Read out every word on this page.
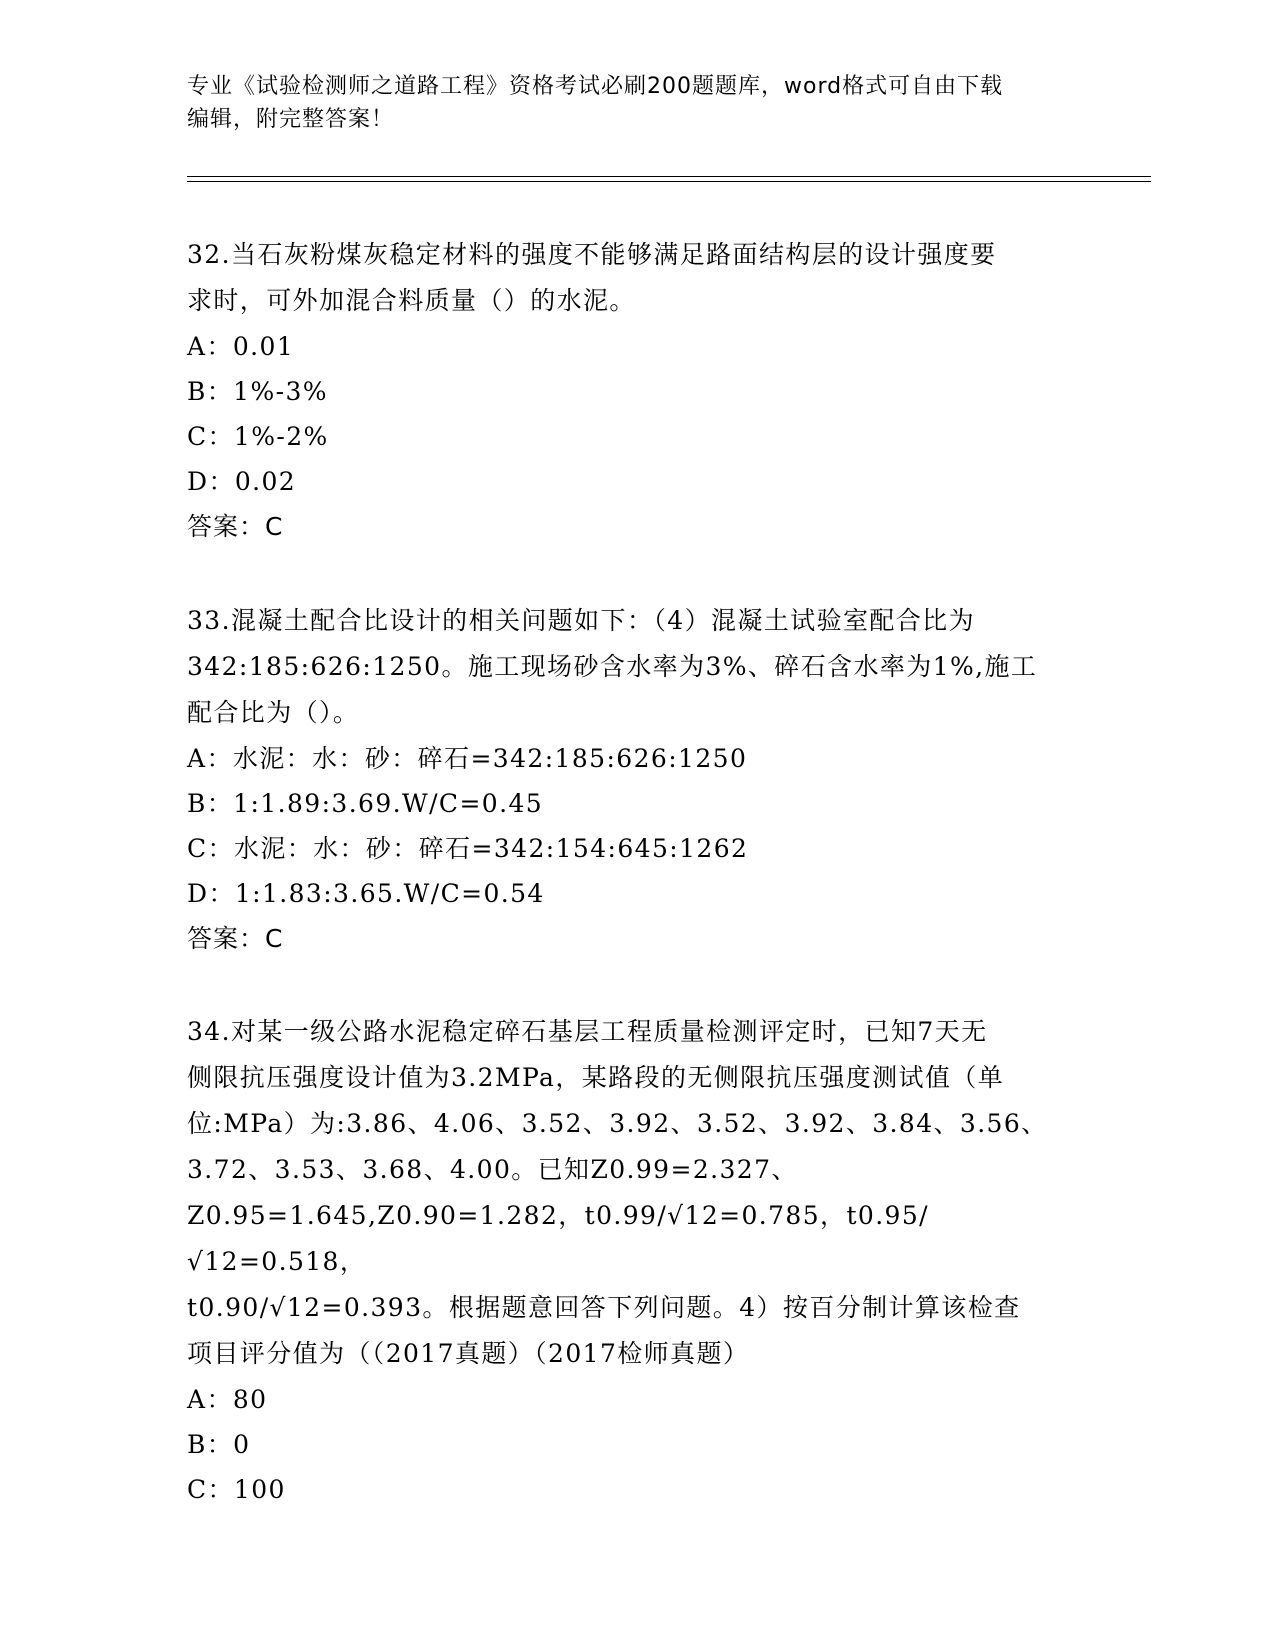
专业《试验检测师之道路工程》资格考试必刷200题题库，word格式可自由下载
编辑，附完整答案！
32.当石灰粉煤灰稳定材料的强度不能够满足路面结构层的设计强度要
求时，可外加混合料质量（）的水泥。
A：0.01
B：1%-3%
C：1%-2%
D：0.02
答案：C
33.混凝土配合比设计的相关问题如下：（4）混凝土试验室配合比为
342:185:626:1250。施工现场砂含水率为3%、碎石含水率为1%,施工
配合比为（）。
A：水泥：水：砂：碎石=342:185:626:1250
B：1:1.89:3.69.W/C=0.45
C：水泥：水：砂：碎石=342:154:645:1262
D：1:1.83:3.65.W/C=0.54
答案：C
34.对某一级公路水泥稳定碎石基层工程质量检测评定时，已知7天无
侧限抗压强度设计值为3.2MPa，某路段的无侧限抗压强度测试值（单
位:MPa）为:3.86、4.06、3.52、3.92、3.52、3.92、3.84、3.56、
3.72、3.53、3.68、4.00。已知Z0.99=2.327、
Z0.95=1.645,Z0.90=1.282，t0.99/√12=0.785，t0.95/√12=0.518，
t0.90/√12=0.393。根据题意回答下列问题。4）按百分制计算该检查
项目评分值为（（2017真题）（2017检师真题）
A：80
B：0
C：100
